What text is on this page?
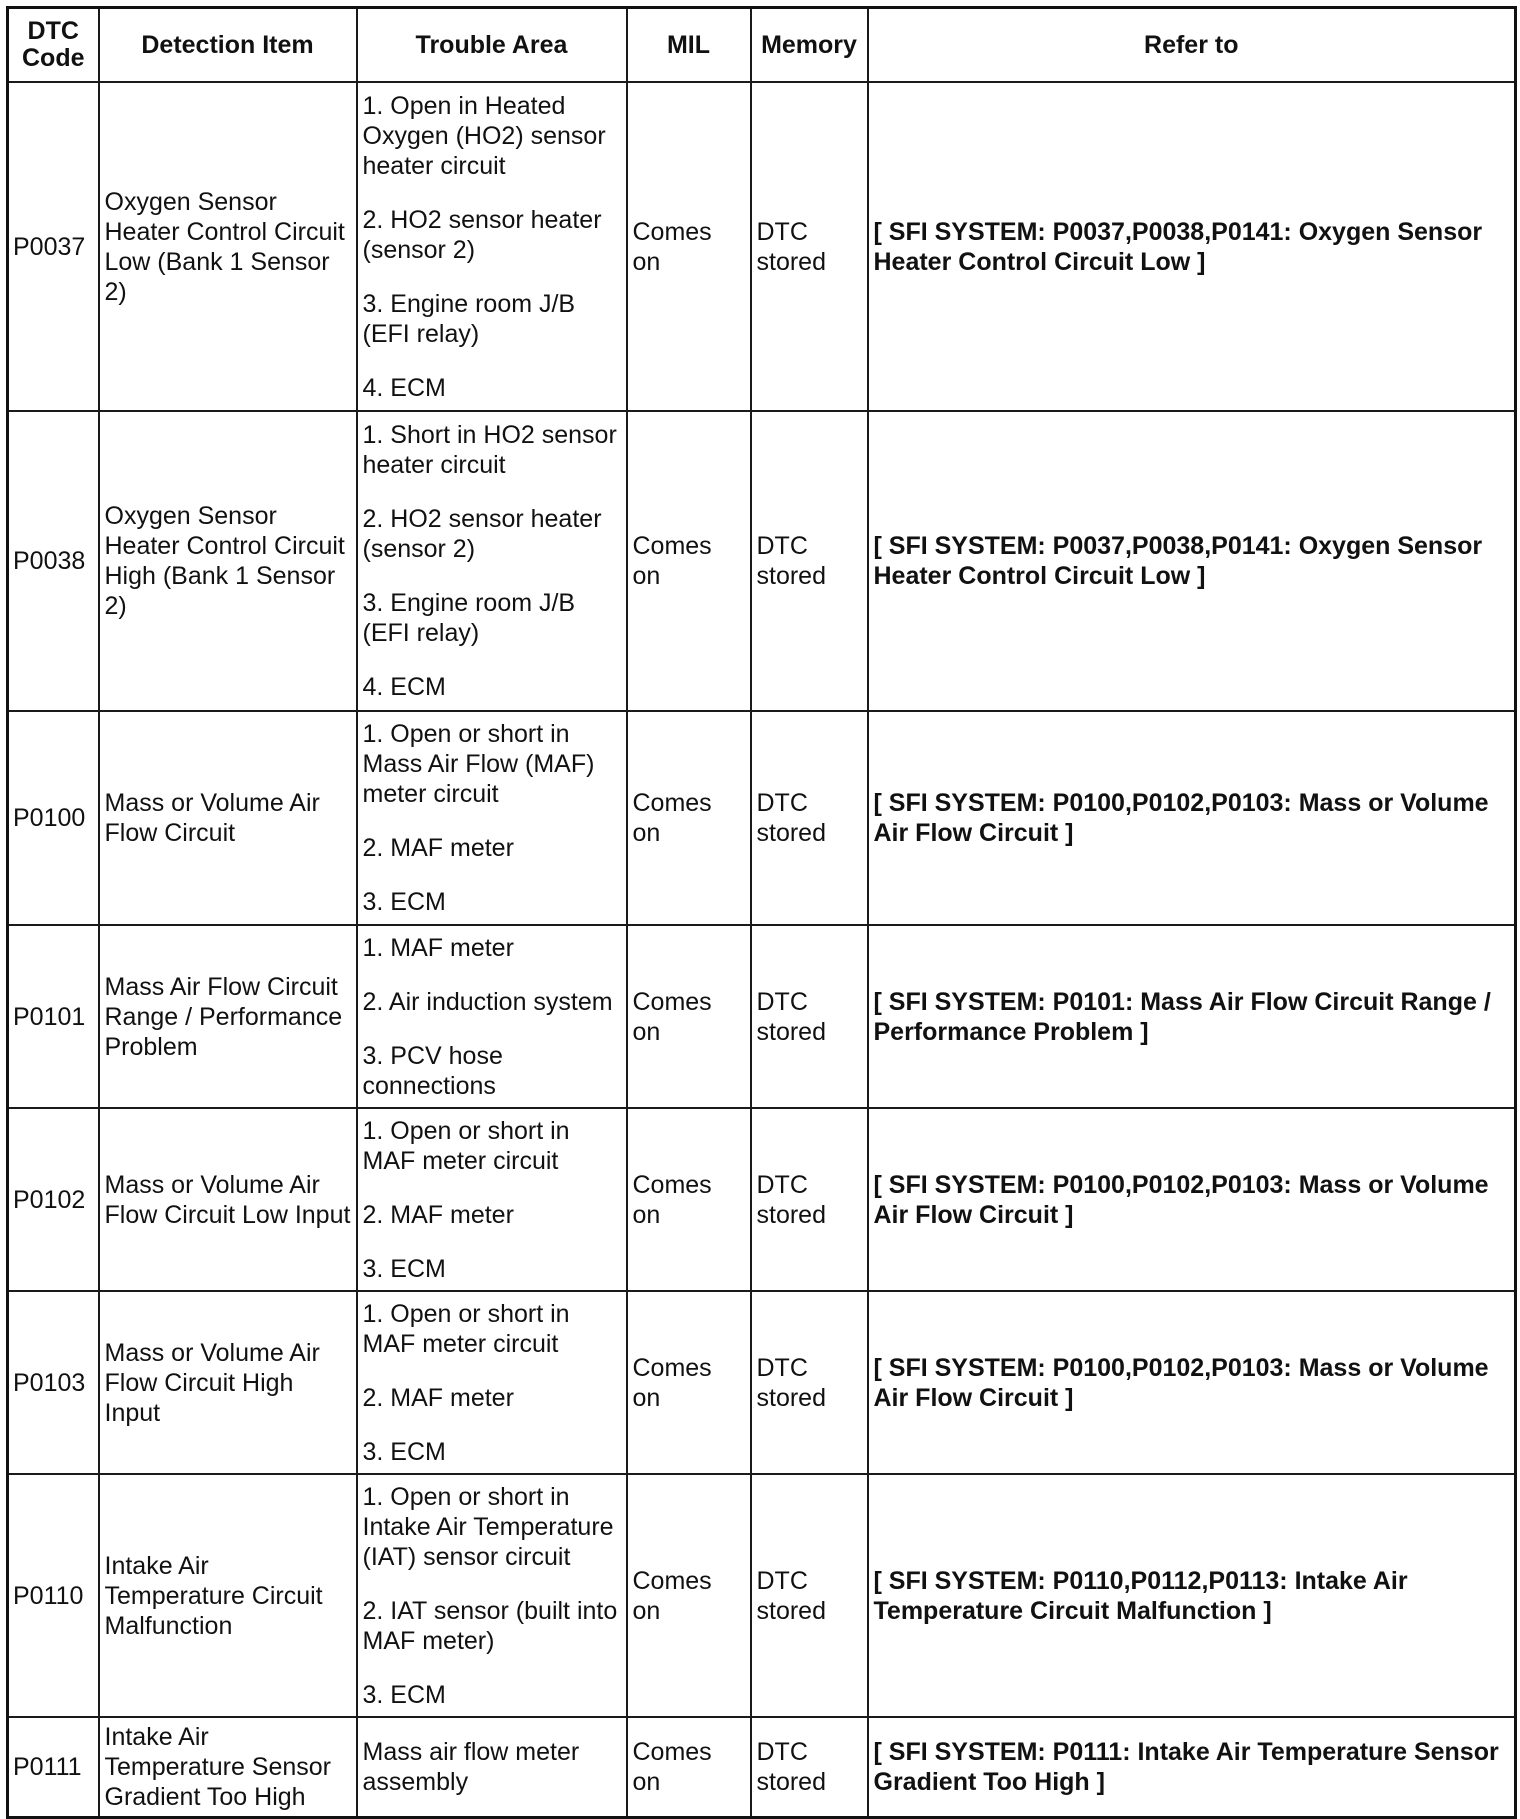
DTC Code	Detection Item	Trouble Area	MIL	Memory	Refer to
P0037	Oxygen Sensor Heater Control Circuit Low (Bank 1 Sensor 2)	1. Open in Heated Oxygen (HO2) sensor heater circuit
2. HO2 sensor heater (sensor 2)
3. Engine room J/B (EFI relay)
4. ECM	Comes on	DTC stored	[ SFI SYSTEM: P0037,P0038,P0141: Oxygen Sensor Heater Control Circuit Low ]
P0038	Oxygen Sensor Heater Control Circuit High (Bank 1 Sensor 2)	1. Short in HO2 sensor heater circuit
2. HO2 sensor heater (sensor 2)
3. Engine room J/B (EFI relay)
4. ECM	Comes on	DTC stored	[ SFI SYSTEM: P0037,P0038,P0141: Oxygen Sensor Heater Control Circuit Low ]
P0100	Mass or Volume Air Flow Circuit	1. Open or short in Mass Air Flow (MAF) meter circuit
2. MAF meter
3. ECM	Comes on	DTC stored	[ SFI SYSTEM: P0100,P0102,P0103: Mass or Volume Air Flow Circuit ]
P0101	Mass Air Flow Circuit Range / Performance Problem	1. MAF meter
2. Air induction system
3. PCV hose connections	Comes on	DTC stored	[ SFI SYSTEM: P0101: Mass Air Flow Circuit Range / Performance Problem ]
P0102	Mass or Volume Air Flow Circuit Low Input	1. Open or short in MAF meter circuit
2. MAF meter
3. ECM	Comes on	DTC stored	[ SFI SYSTEM: P0100,P0102,P0103: Mass or Volume Air Flow Circuit ]
P0103	Mass or Volume Air Flow Circuit High Input	1. Open or short in MAF meter circuit
2. MAF meter
3. ECM	Comes on	DTC stored	[ SFI SYSTEM: P0100,P0102,P0103: Mass or Volume Air Flow Circuit ]
P0110	Intake Air Temperature Circuit Malfunction	1. Open or short in Intake Air Temperature (IAT) sensor circuit
2. IAT sensor (built into MAF meter)
3. ECM	Comes on	DTC stored	[ SFI SYSTEM: P0110,P0112,P0113: Intake Air Temperature Circuit Malfunction ]
P0111	Intake Air Temperature Sensor Gradient Too High	Mass air flow meter assembly	Comes on	DTC stored	[ SFI SYSTEM: P0111: Intake Air Temperature Sensor Gradient Too High ]
